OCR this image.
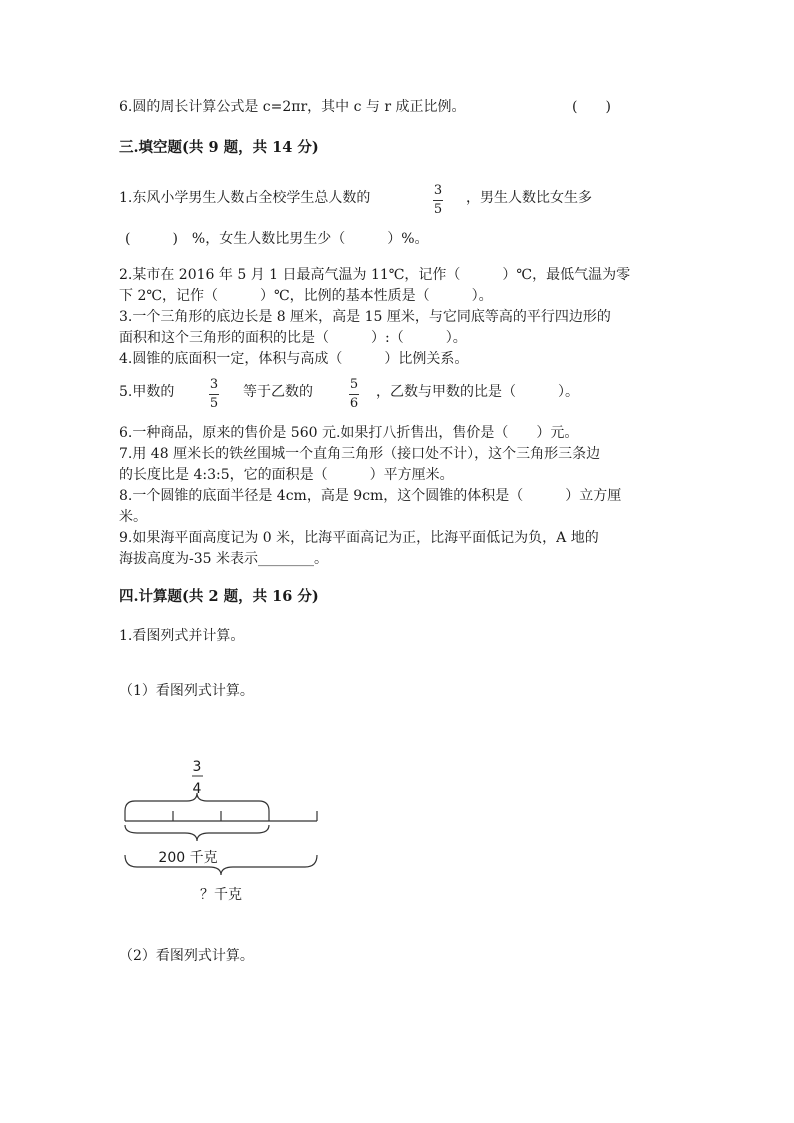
6.圆的周长计算公式是 c=2πr，其中 c 与 r 成正比例。	(　　)
三.填空题(共 9 题，共 14 分)
1.东风小学男生人数占全校学生总人数的	3
5
，男生人数比女生多
(　　　)　%，女生人数比男生少（　　　）%。
2.某市在 2016 年 5 月 1 日最高气温为 11℃，记作（　　　）℃，最低气温为零
下 2℃，记作（　　　）℃，比例的基本性质是（　　　）。
3.一个三角形的底边长是 8 厘米，高是 15 厘米，与它同底等高的平行四边形的
面积和这个三角形的面积的比是（　　　）:（　　　）。
4.圆锥的底面积一定，体积与高成（　　　）比例关系。
5.甲数的	3
5
等于乙数的	5
6
，乙数与甲数的比是（　　　）。
6.一种商品，原来的售价是 560 元.如果打八折售出，售价是（　　）元。
7.用 48 厘米长的铁丝围城一个直角三角形（接口处不计），这个三角形三条边
的长度比是 4:3:5，它的面积是（　　　）平方厘米。
8.一个圆锥的底面半径是 4cm，高是 9cm，这个圆锥的体积是（　　　）立方厘
米。
9.如果海平面高度记为 0 米，比海平面高记为正，比海平面低记为负，A 地的
海拔高度为-35 米表示________。
四.计算题(共 2 题，共 16 分)
1.看图列式并计算。
（1）看图列式计算。
3
4
200 千克
？千克
（2）看图列式计算。
